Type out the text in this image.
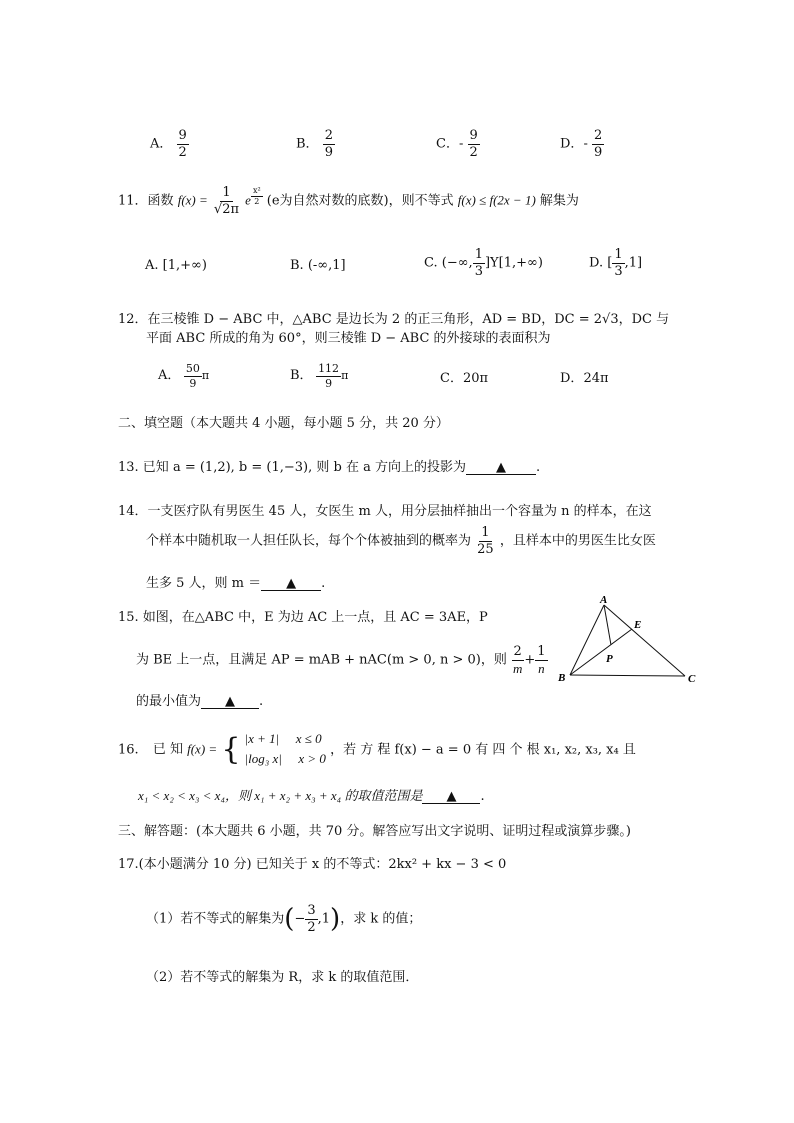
A． $\frac{9}{2}$	B． $\frac{2}{9}$	C．- $\frac{9}{2}$	D．- $\frac{2}{9}$
11．函数 $f(x) = \frac{1}{√2\pi}$ e $\frac{\text{x²}}{2} (e$为自然对数的底数)，则不等式 f(x) ≤ f(2x − 1) 解集为
A. [1,+∞)	B. (-∞,1]	C. (−∞, $\frac{1}{3} ]Y[1,+\infty)$	D. [ $\frac{1}{3} ,1$]
12．在三棱锥 D − ABC 中，△ABC 是边长为 2 的正三角形，AD = BD，DC = 2√3，DC 与
平面 ABC 所成的角为 60°，则三棱锥 D − ABC 的外接球的表面积为
A． $\frac{50}{9}$ π	B． $\frac{112}{9}$ π	C．20π	D．24π
二、填空题（本大题共 4 小题，每小题 5 分，共 20 分）
13. 已知 a = (1,2), b = (1,−3), 则 b 在 a 方向上的投影为 ▲ .
14．一支医疗队有男医生 45 人，女医生 m 人，用分层抽样抽出一个容量为 n 的样本，在这
个样本中随机取一人担任队长，每个个体被抽到的概率为 $\frac{1}{25}$ ，且样本中的男医生比女医
生多 5 人，则 m ＝ ▲ .
15. 如图，在△ABC 中，E 为边 AC 上一点，且 AC = 3AE，P
为 BE 上一点，且满足 AP = mAB + nAC(m > 0, n > 0)，则 $\frac{2}{m} + \frac{1}{n}$
的最小值为 ▲ .
A
B	C
E
P
16. 已 知 f(x) = { |x + 1| x ≤ 0
|log₃ x| x > 0
，若 方 程 f(x) − a = 0 有 四 个 根 x₁, x₂, x₃, x₄ 且
x₁ < x₂ < x₃ < x₄，则 x₁ + x₂ + x₃ + x₄ 的取值范围是 ▲ .
三、解答题：(本大题共 6 小题，共 70 分。解答应写出文字说明、证明过程或演算步骤。)
17.(本小题满分 10 分) 已知关于 x 的不等式：2kx² + kx − 3 < 0
（1）若不等式的解集为(− $\frac{3}{2} ,1$)，求 k 的值；
（2）若不等式的解集为 R，求 k 的取值范围．
